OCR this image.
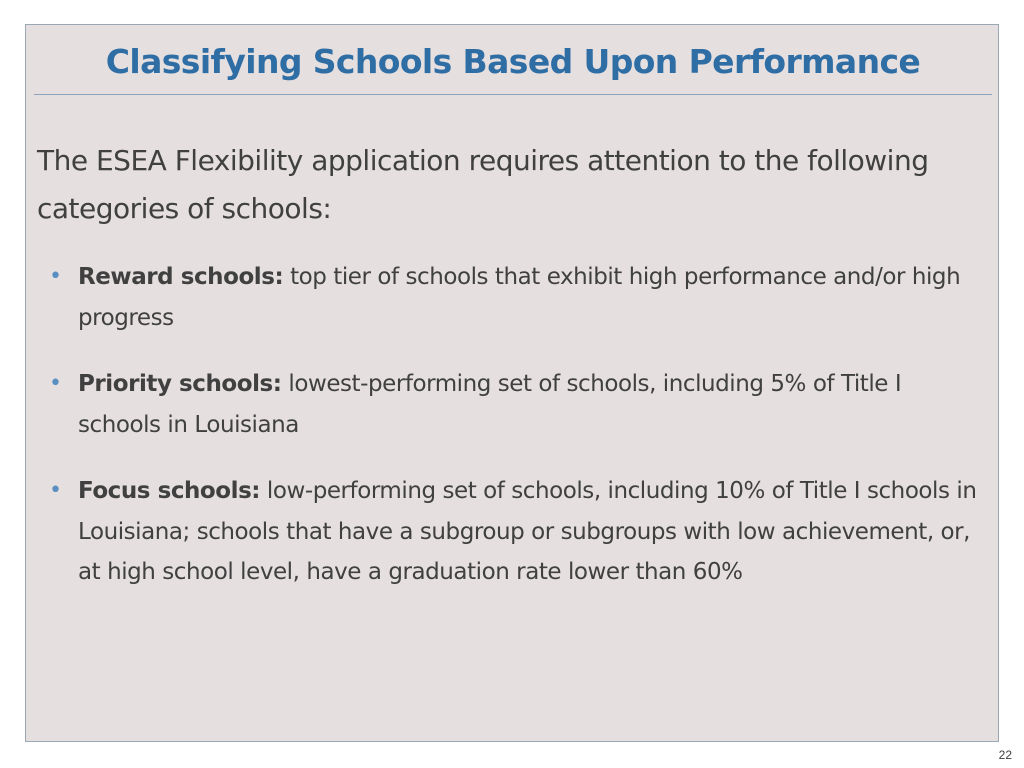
Classifying Schools Based Upon Performance

The ESEA Flexibility application requires attention to the following categories of schools:

• Reward schools: top tier of schools that exhibit high performance and/or high progress
• Priority schools: lowest-performing set of schools, including 5% of Title I schools in Louisiana
• Focus schools: low-performing set of schools, including 10% of Title I schools in Louisiana; schools that have a subgroup or subgroups with low achievement, or, at high school level, have a graduation rate lower than 60%
22
